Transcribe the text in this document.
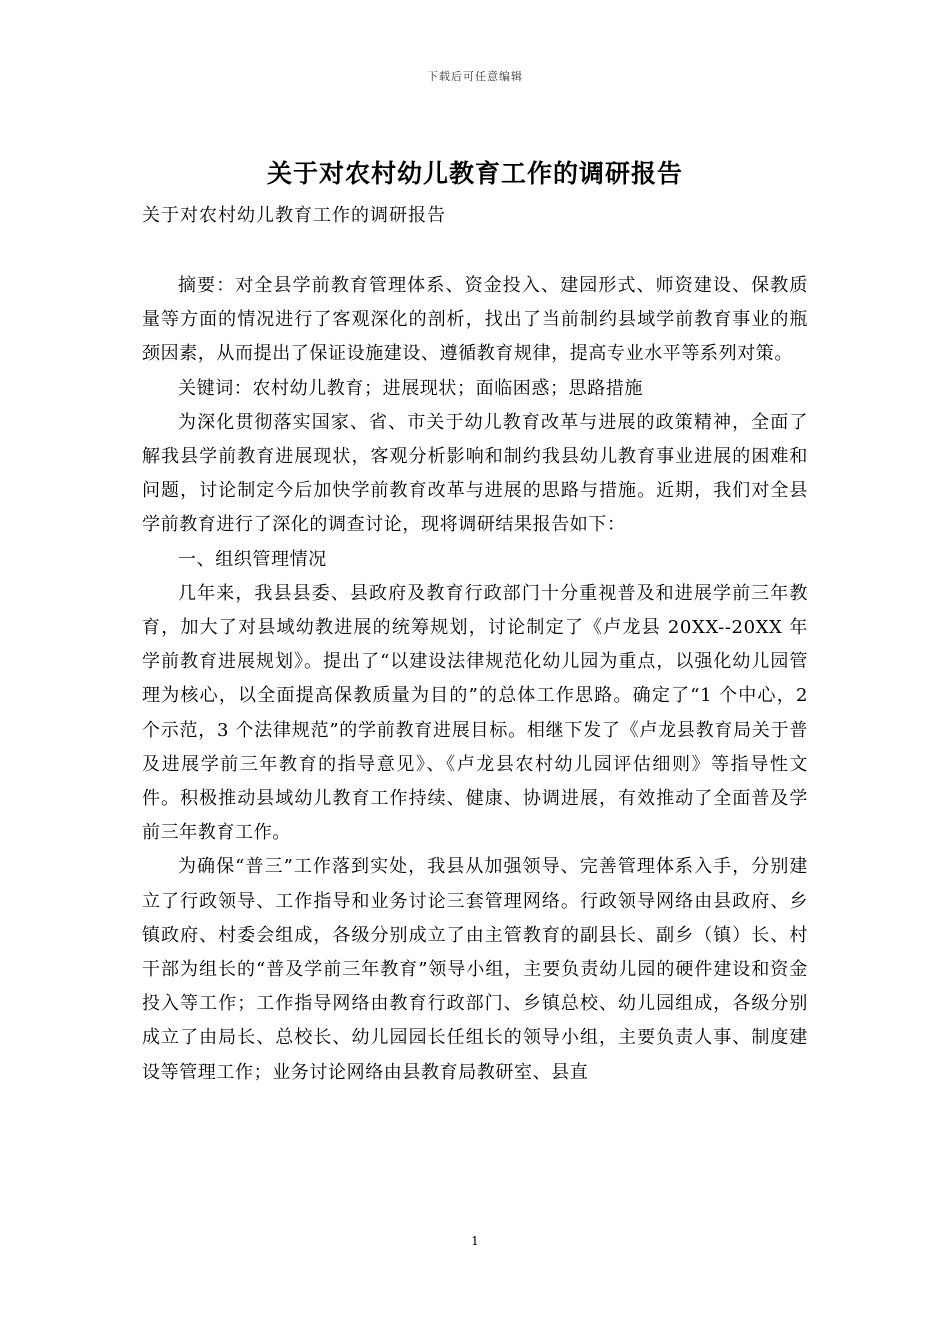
下载后可任意编辑
关于对农村幼儿教育工作的调研报告
关于对农村幼儿教育工作的调研报告

摘要：对全县学前教育管理体系、资金投入、建园形式、师资建设、保教质量等方面的情况进行了客观深化的剖析，找出了当前制约县域学前教育事业的瓶颈因素，从而提出了保证设施建设、遵循教育规律，提高专业水平等系列对策。

关键词：农村幼儿教育；进展现状；面临困惑；思路措施

为深化贯彻落实国家、省、市关于幼儿教育改革与进展的政策精神，全面了解我县学前教育进展现状，客观分析影响和制约我县幼儿教育事业进展的困难和问题，讨论制定今后加快学前教育改革与进展的思路与措施。近期，我们对全县学前教育进行了深化的调查讨论，现将调研结果报告如下：

一、组织管理情况

几年来，我县县委、县政府及教育行政部门十分重视普及和进展学前三年教育，加大了对县域幼教进展的统筹规划，讨论制定了《卢龙县 20XX--20XX 年学前教育进展规划》。提出了“以建设法律规范化幼儿园为重点，以强化幼儿园管理为核心，以全面提高保教质量为目的”的总体工作思路。确定了“1 个中心，2 个示范，3 个法律规范”的学前教育进展目标。相继下发了《卢龙县教育局关于普及进展学前三年教育的指导意见》、《卢龙县农村幼儿园评估细则》等指导性文件。积极推动县域幼儿教育工作持续、健康、协调进展，有效推动了全面普及学前三年教育工作。

为确保“普三”工作落到实处，我县从加强领导、完善管理体系入手，分别建立了行政领导、工作指导和业务讨论三套管理网络。行政领导网络由县政府、乡镇政府、村委会组成，各级分别成立了由主管教育的副县长、副乡（镇）长、村干部为组长的“普及学前三年教育”领导小组，主要负责幼儿园的硬件建设和资金投入等工作；工作指导网络由教育行政部门、乡镇总校、幼儿园组成，各级分别成立了由局长、总校长、幼儿园园长任组长的领导小组，主要负责人事、制度建设等管理工作；业务讨论网络由县教育局教研室、县直

1
